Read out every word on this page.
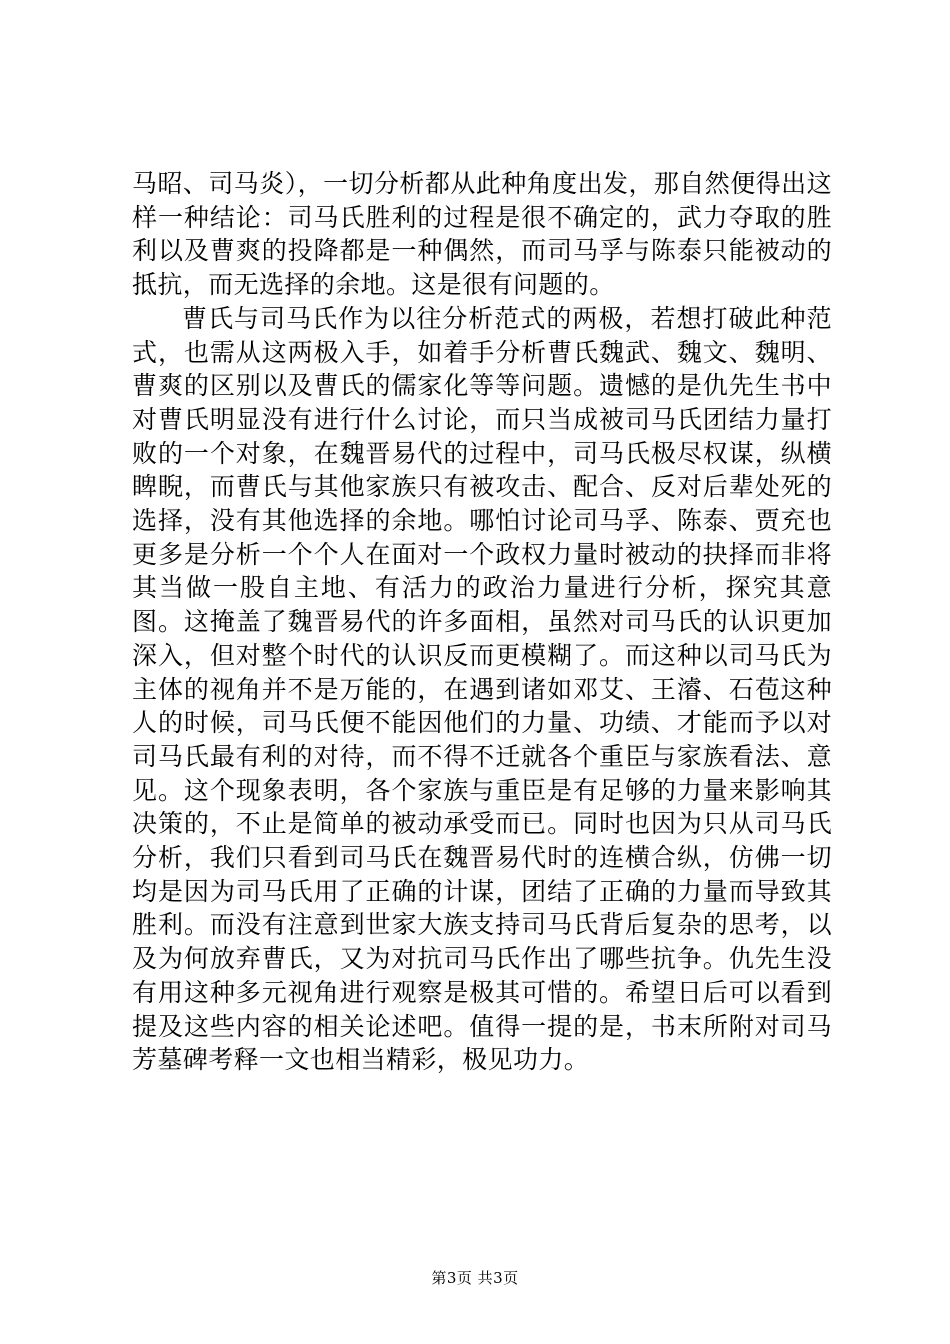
马昭、司马炎），一切分析都从此种角度出发，那自然便得出这样一种结论：司马氏胜利的过程是很不确定的，武力夺取的胜利以及曹爽的投降都是一种偶然，而司马孚与陈泰只能被动的抵抗，而无选择的余地。这是很有问题的。

曹氏与司马氏作为以往分析范式的两极，若想打破此种范式，也需从这两极入手，如着手分析曹氏魏武、魏文、魏明、曹爽的区别以及曹氏的儒家化等等问题。遗憾的是仇先生书中对曹氏明显没有进行什么讨论，而只当成被司马氏团结力量打败的一个对象，在魏晋易代的过程中，司马氏极尽权谋，纵横睥睨，而曹氏与其他家族只有被攻击、配合、反对后辈处死的选择，没有其他选择的余地。哪怕讨论司马孚、陈泰、贾充也更多是分析一个个人在面对一个政权力量时被动的抉择而非将其当做一股自主地、有活力的政治力量进行分析，探究其意图。这掩盖了魏晋易代的许多面相，虽然对司马氏的认识更加深入，但对整个时代的认识反而更模糊了。而这种以司马氏为主体的视角并不是万能的，在遇到诸如邓艾、王濬、石苞这种人的时候，司马氏便不能因他们的力量、功绩、才能而予以对司马氏最有利的对待，而不得不迁就各个重臣与家族看法、意见。这个现象表明，各个家族与重臣是有足够的力量来影响其决策的，不止是简单的被动承受而已。同时也因为只从司马氏分析，我们只看到司马氏在魏晋易代时的连横合纵，仿佛一切均是因为司马氏用了正确的计谋，团结了正确的力量而导致其胜利。而没有注意到世家大族支持司马氏背后复杂的思考，以及为何放弃曹氏，又为对抗司马氏作出了哪些抗争。仇先生没有用这种多元视角进行观察是极其可惜的。希望日后可以看到提及这些内容的相关论述吧。值得一提的是，书末所附对司马芳墓碑考释一文也相当精彩，极见功力。

第3页 共3页
